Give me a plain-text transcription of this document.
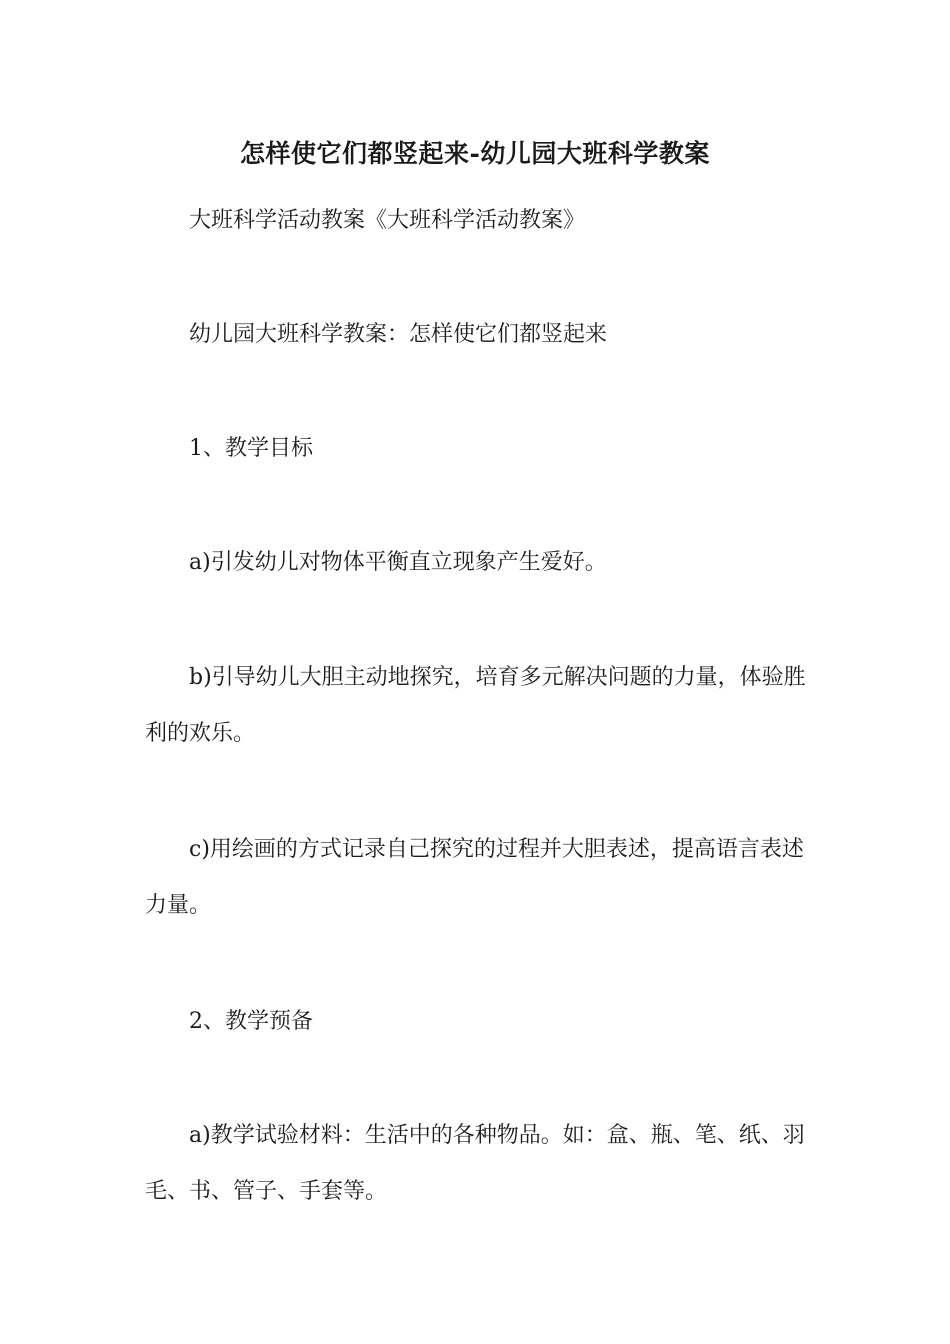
怎样使它们都竖起来-幼儿园大班科学教案

大班科学活动教案《大班科学活动教案》

幼儿园大班科学教案：怎样使它们都竖起来

1、教学目标

a)引发幼儿对物体平衡直立现象产生爱好。

b)引导幼儿大胆主动地探究，培育多元解决问题的力量，体验胜利的欢乐。

c)用绘画的方式记录自己探究的过程并大胆表述，提高语言表述力量。

2、教学预备

a)教学试验材料：生活中的各种物品。如：盒、瓶、笔、纸、羽毛、书、管子、手套等。
